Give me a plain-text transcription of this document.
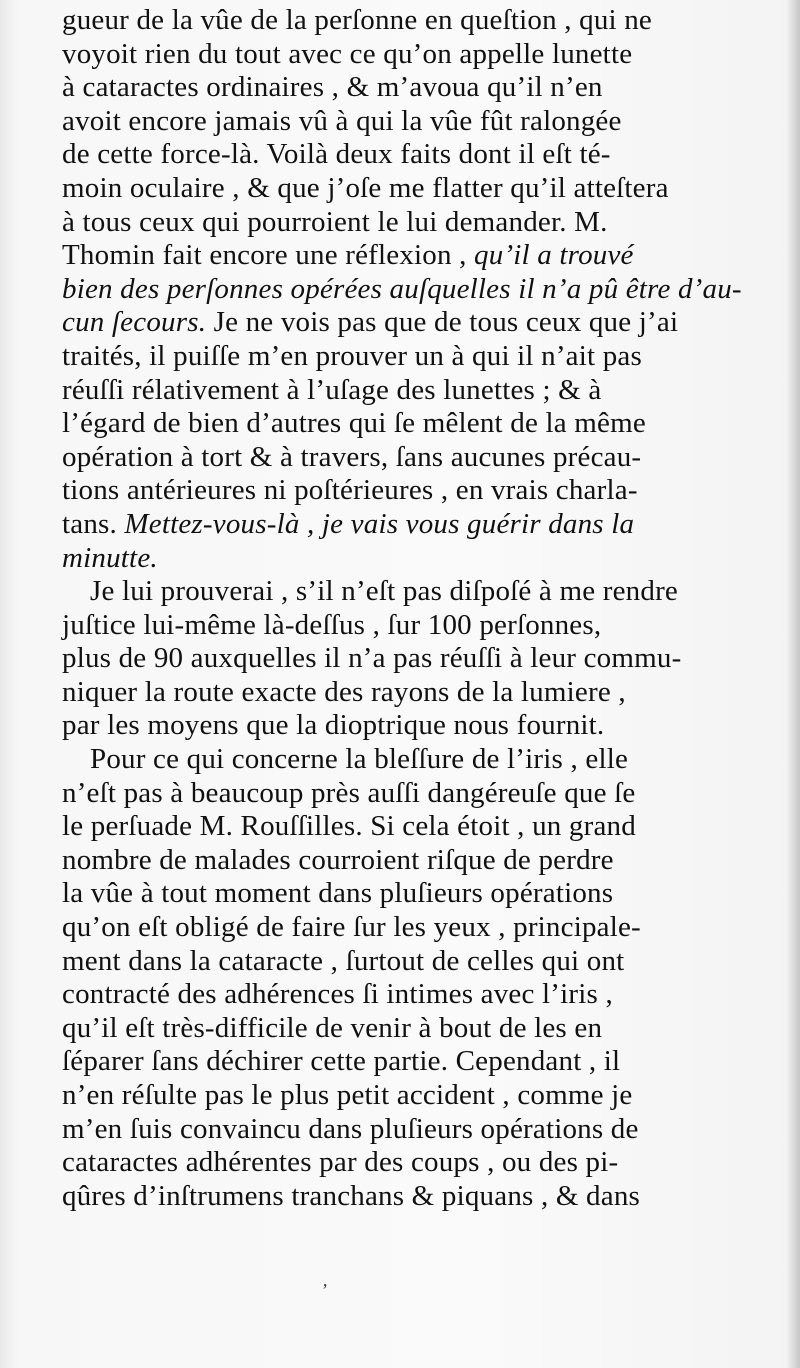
gueur de la vûe de la perſonne en queſtion , qui ne
voyoit rien du tout avec ce qu’on appelle lunette
à cataractes ordinaires , & m’avoua qu’il n’en
avoit encore jamais vû à qui la vûe fût ralongée
de cette force-là. Voilà deux faits dont il eſt té-
moin oculaire , & que j’oſe me flatter qu’il atteſtera
à tous ceux qui pourroient le lui demander. M.
Thomin fait encore une réflexion , qu’il a trouvé
bien des perſonnes opérées auſquelles il n’a pû être d’au-
cun ſecours. Je ne vois pas que de tous ceux que j’ai
traités, il puiſſe m’en prouver un à qui il n’ait pas
réuſſi rélativement à l’uſage des lunettes ; & à
l’égard de bien d’autres qui ſe mêlent de la même
opération à tort & à travers, ſans aucunes précau-
tions antérieures ni poſtérieures , en vrais charla-
tans. Mettez-vous-là , je vais vous guérir dans la
minutte.
Je lui prouverai , s’il n’eſt pas diſpoſé à me rendre
juſtice lui-même là-deſſus , ſur 100 perſonnes,
plus de 90 auxquelles il n’a pas réuſſi à leur commu-
niquer la route exacte des rayons de la lumiere ,
par les moyens que la dioptrique nous fournit.
Pour ce qui concerne la bleſſure de l’iris , elle
n’eſt pas à beaucoup près auſſi dangéreuſe que ſe
le perſuade M. Rouſſilles. Si cela étoit , un grand
nombre de malades courroient riſque de perdre
la vûe à tout moment dans pluſieurs opérations
qu’on eſt obligé de faire ſur les yeux , principale-
ment dans la cataracte , ſurtout de celles qui ont
contracté des adhérences ſi intimes avec l’iris ,
qu’il eſt très-difficile de venir à bout de les en
ſéparer ſans déchirer cette partie. Cependant , il
n’en réſulte pas le plus petit accident , comme je
m’en ſuis convaincu dans pluſieurs opérations de
cataractes adhérentes par des coups , ou des pi-
qûres d’inſtrumens tranchans & piquans , & dans
’
